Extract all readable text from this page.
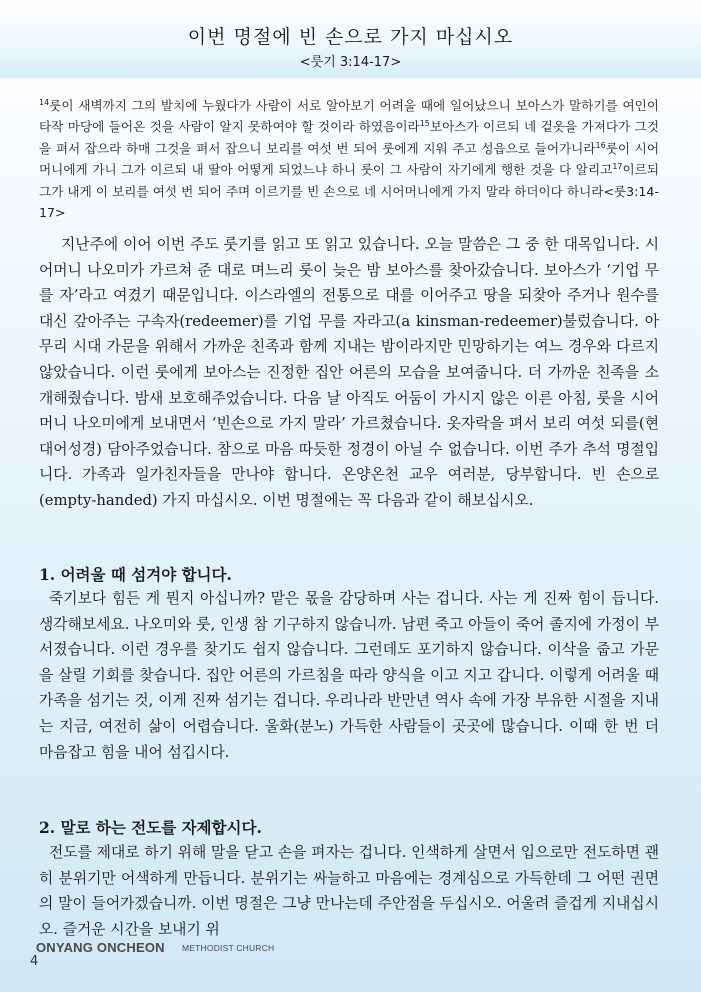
이번 명절에 빈 손으로 가지 마십시오
<룻기 3:14-17>
$^{14}$룻이 새벽까지 그의 발치에 누웠다가 사람이 서로 알아보기 어려울 때에 일어났으니 보아스가 말하기를 여인이 타작 마당에 들어온 것을 사람이 알지 못하여야 할 것이라 하였음이라$^{15}$보아스가 이르되 네 겉옷을 가져다가 그것을 펴서 잡으라 하매 그것을 펴서 잡으니 보리를 여섯 번 되어 룻에게 지워 주고 성읍으로 들어가니라$^{16}$룻이 시어머니에게 가니 그가 이르되 내 딸아 어떻게 되었느냐 하니 룻이 그 사람이 자기에게 행한 것을 다 알리고$^{17}$이르되 그가 내게 이 보리를 여섯 번 되어 주며 이르기를 빈 손으로 네 시어머니에게 가지 말라 하더이다 하니라<룻3:14-17>
지난주에 이어 이번 주도 룻기를 읽고 또 읽고 있습니다. 오늘 말씀은 그 중 한 대목입니다. 시어머니 나오미가 가르쳐 준 대로 며느리 룻이 늦은 밤 보아스를 찾아갔습니다. 보아스가 ‘기업 무를 자’라고 여겼기 때문입니다. 이스라엘의 전통으로 대를 이어주고 땅을 되찾아 주거나 원수를 대신 갚아주는 구속자(redeemer)를 기업 무를 자라고(a kinsman-redeemer)불렀습니다. 아무리 시대 가문을 위해서 가까운 친족과 함께 지내는 밤이라지만 민망하기는 여느 경우와 다르지 않았습니다. 이런 룻에게 보아스는 진정한 집안 어른의 모습을 보여줍니다. 더 가까운 친족을 소개해줬습니다. 밤새 보호해주었습니다. 다음 날 아직도 어둠이 가시지 않은 이른 아침, 룻을 시어머니 나오미에게 보내면서 ‘빈손으로 가지 말라’ 가르쳤습니다. 옷자락을 펴서 보리 여섯 되를(현대어성경) 담아주었습니다. 참으로 마음 따듯한 정경이 아닐 수 없습니다. 이번 주가 추석 명절입니다. 가족과 일가친자들을 만나야 합니다. 온양온천 교우 여러분, 당부합니다. 빈 손으로(empty-handed) 가지 마십시오. 이번 명절에는 꼭 다음과 같이 해보십시오.
1. 어려울 때 섬겨야 합니다.
죽기보다 힘든 게 뭔지 아십니까? 맡은 몫을 감당하며 사는 겁니다. 사는 게 진짜 힘이 듭니다. 생각해보세요. 나오미와 룻, 인생 참 기구하지 않습니까. 남편 죽고 아들이 죽어 졸지에 가정이 부서졌습니다. 이런 경우를 찾기도 쉽지 않습니다. 그런데도 포기하지 않습니다. 이삭을 줍고 가문을 살릴 기회를 찾습니다. 집안 어른의 가르침을 따라 양식을 이고 지고 갑니다. 이렇게 어려울 때 가족을 섬기는 것, 이게 진짜 섬기는 겁니다. 우리나라 반만년 역사 속에 가장 부유한 시절을 지내는 지금, 여전히 삶이 어렵습니다. 울화(분노) 가득한 사람들이 곳곳에 많습니다. 이때 한 번 더 마음잡고 힘을 내어 섬깁시다.
2. 말로 하는 전도를 자제합시다.
전도를 제대로 하기 위해 말을 닫고 손을 펴자는 겁니다. 인색하게 살면서 입으로만 전도하면 괜히 분위기만 어색하게 만듭니다. 분위기는 싸늘하고 마음에는 경계심으로 가득한데 그 어떤 권면의 말이 들어가겠습니까. 이번 명절은 그냥 만나는데 주안점을 두십시오. 어울려 즐겁게 지내십시오. 즐거운 시간을 보내기 위
4
ONYANG ONCHEON METHODIST CHURCH
